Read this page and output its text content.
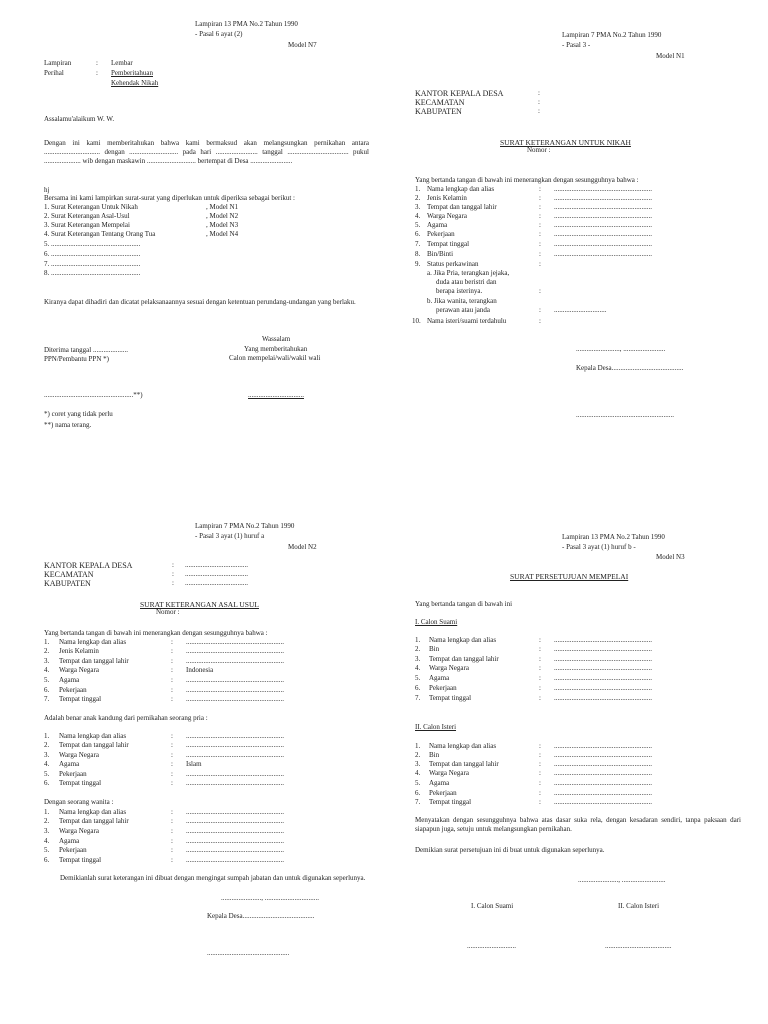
Lampiran 13 PMA No.2 Tahun 1990
- Pasal 6 ayat (2)
Model N7
Lampiran	: Lembar
Perihal	: Pemberitahuan
Kehendak Nikah
Assalamu'alaikum W. W.
Dengan ini kami memberitahukan bahwa kami bermaksud akan melangsungkan pernikahan antara ................................ dengan ............................ pada hari ........................ tanggal ................................... pukul ..................... wib dengan maskawin ............................ bertempat di Desa ........................
hj
Bersama ini kami lampirkan surat-surat yang diperlukan untuk diperiksa sebagai berikut :
1. Surat Keterangan Untuk Nikah	, Model N1
2. Surat Keterangan Asal-Usul	, Model N2
3. Surat Keterangan Mempelai	, Model N3
4. Surat Keterangan Tentang Orang Tua	, Model N4
5. ...................................................
6. ...................................................
7. ...................................................
8. ...................................................
Kiranya dapat dihadiri dan dicatat pelaksanaannya sesuai dengan ketentuan perundang-undangan yang berlaku.
Wassalam
Yang memberitahukan
Calon mempelai/wali/wakil wali
Diterima tanggal ....................
PPN/Pembantu PPN *)
...................................................**)	................................
*) coret yang tidak perlu
**) nama terang.
Lampiran 7 PMA No.2 Tahun 1990
- Pasal 3 -
Model N1
KANTOR KEPALA DESA	:
KECAMATAN	:
KABUPATEN	:
SURAT KETERANGAN UNTUK NIKAH
Nomor :
Yang bertanda tangan di bawah ini menerangkan dengan sesungguhnya bahwa :
1. Nama lengkap dan alias	: ........................................................
2. Jenis Kelamin	: ........................................................
3. Tempat dan tanggal lahir	: ........................................................
4. Warga Negara	: ........................................................
5. Agama	: ........................................................
6. Pekerjaan	: ........................................................
7. Tempat tinggal	: ........................................................
8. Bin/Binti	: ........................................................
9. Status perkawinan	:
a. Jika Pria, terangkan jejaka,
duda atau beristri dan
berapa isterinya.	:
b. Jika wanita, terangkan
perawan atau janda	: ..............................
10. Nama isteri/suami terdahulu	:
........................., ........................
Kepala Desa.........................................
........................................................
Lampiran 7 PMA No.2 Tahun 1990
- Pasal 3 ayat (1) huruf a
Model N2
KANTOR KEPALA DESA	: ....................................
KECAMATAN	: ....................................
KABUPATEN	: ....................................
SURAT KETERANGAN ASAL USUL
Nomor :
Yang bertanda tangan di bawah ini menerangkan dengan sesungguhnya bahwa :
1. Nama lengkap dan alias	: ........................................................
2. Jenis Kelamin	: ........................................................
3. Tempat dan tanggal lahir	: ........................................................
4. Warga Negara	: Indonesia
5. Agama	: ........................................................
6. Pekerjaan	: ........................................................
7. Tempat tinggal	: ........................................................
Adalah benar anak kandung dari pernikahan seorang pria :
1. Nama lengkap dan alias	: ........................................................
2. Tempat dan tanggal lahir	: ........................................................
3. Warga Negara	: ........................................................
4. Agama	: Islam
5. Pekerjaan	: ........................................................
6. Tempat tinggal	: ........................................................
Dengan seorang wanita :
1. Nama lengkap dan alias	: ........................................................
2. Tempat dan tanggal lahir	: ........................................................
3. Warga Negara	: ........................................................
4. Agama	: ........................................................
5. Pekerjaan	: ........................................................
6. Tempat tinggal	: ........................................................
Demikianlah surat keterangan ini dibuat dengan mengingat sumpah jabatan dan untuk digunakan seperlunya.
......................., ...............................
Kepala Desa.........................................
...............................................
Lampiran 13 PMA No.2 Tahun 1990
- Pasal 3 ayat (1) huruf b -
Model N3
SURAT PERSETUJUAN MEMPELAI
Yang bertanda tangan di bawah ini
I. Calon Suami
1. Nama lengkap dan alias	: ........................................................
2. Bin	: ........................................................
3. Tempat dan tanggal lahir	: ........................................................
4. Warga Negara	: ........................................................
5. Agama	: ........................................................
6. Pekerjaan	: ........................................................
7. Tempat tinggal	: ........................................................
II. Calon Isteri
1. Nama lengkap dan alias	: ........................................................
2. Bin	: ........................................................
3. Tempat dan tanggal lahir	: ........................................................
4. Warga Negara	: ........................................................
5. Agama	: ........................................................
6. Pekerjaan	: ........................................................
7. Tempat tinggal	: ........................................................
Menyatakan dengan sesungguhnya bahwa atas dasar suka rela, dengan kesadaran sendiri, tanpa paksaan dari siapapun juga, setuju untuk melangsungkan pernikahan.
Demikian surat persetujuan ini di buat untuk digunakan seperlunya.
......................., .........................
I. Calon Suami	II. Calon Isteri
............................	......................................
